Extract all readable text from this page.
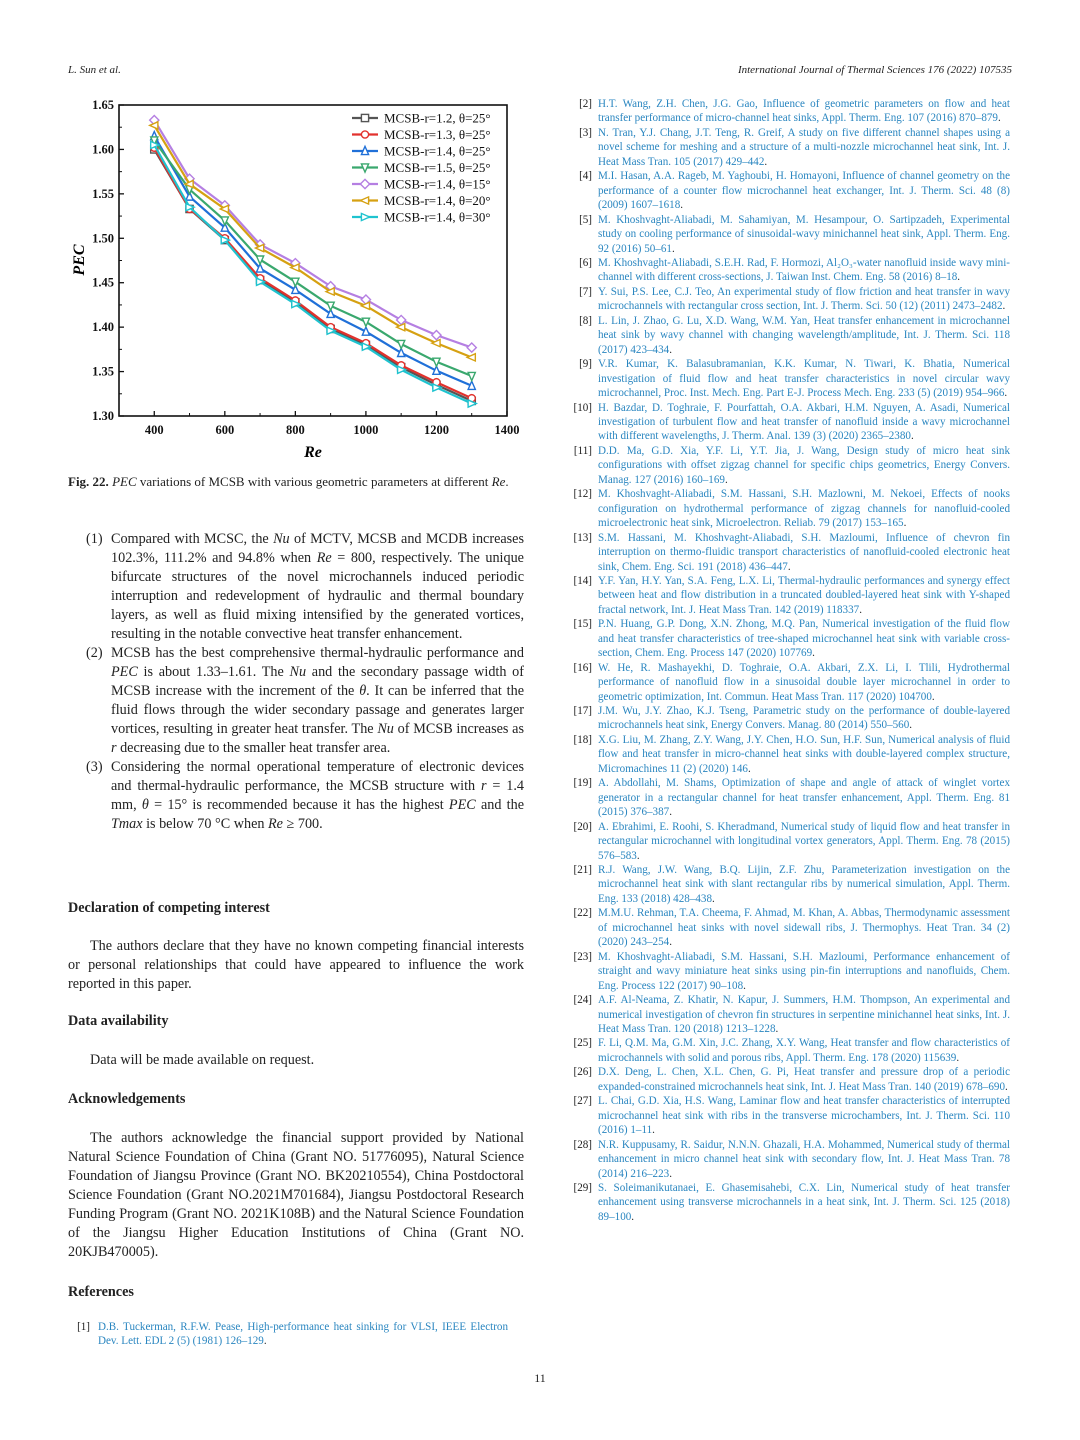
L. Sun et al.	International Journal of Thermal Sciences 176 (2022) 107535
1.30
1.35
1.40
1.45
1.50
1.55
1.60
1.65
400	600	800	1000	1200	1400
Re
PEC
MCSB-r=1.2, θ=25°
MCSB-r=1.3, θ=25°
MCSB-r=1.4, θ=25°
MCSB-r=1.5, θ=25°
MCSB-r=1.4, θ=15°
MCSB-r=1.4, θ=20°
MCSB-r=1.4, θ=30°
Fig. 22. PEC variations of MCSB with various geometric parameters at different Re.
(1) Compared with MCSC, the Nu of MCTV, MCSB and MCDB increases 102.3%, 111.2% and 94.8% when Re = 800, respectively. The unique bifurcate structures of the novel microchannels induced periodic interruption and redevelopment of hydraulic and thermal boundary layers, as well as fluid mixing intensified by the generated vortices, resulting in the notable convective heat transfer enhancement.
(2) MCSB has the best comprehensive thermal-hydraulic performance and PEC is about 1.33–1.61. The Nu and the secondary passage width of MCSB increase with the increment of the θ. It can be inferred that the fluid flows through the wider secondary passage and generates larger vortices, resulting in greater heat transfer. The Nu of MCSB increases as r decreasing due to the smaller heat transfer area.
(3) Considering the normal operational temperature of electronic devices and thermal-hydraulic performance, the MCSB structure with r = 1.4 mm, θ = 15° is recommended because it has the highest PEC and the Tmax is below 70 °C when Re ≥ 700.
Declaration of competing interest
The authors declare that they have no known competing financial interests or personal relationships that could have appeared to influence the work reported in this paper.
Data availability
Data will be made available on request.
Acknowledgements
The authors acknowledge the financial support provided by National Natural Science Foundation of China (Grant NO. 51776095), Natural Science Foundation of Jiangsu Province (Grant NO. BK20210554), China Postdoctoral Science Foundation (Grant NO.2021M701684), Jiangsu Postdoctoral Research Funding Program (Grant NO. 2021K108B) and the Natural Science Foundation of the Jiangsu Higher Education Institutions of China (Grant NO. 20KJB470005).
References
[1] D.B. Tuckerman, R.F.W. Pease, High-performance heat sinking for VLSI, IEEE Electron Dev. Lett. EDL 2 (5) (1981) 126–129.
[2] H.T. Wang, Z.H. Chen, J.G. Gao, Influence of geometric parameters on flow and heat transfer performance of micro-channel heat sinks, Appl. Therm. Eng. 107 (2016) 870–879.
[3] N. Tran, Y.J. Chang, J.T. Teng, R. Greif, A study on five different channel shapes using a novel scheme for meshing and a structure of a multi-nozzle microchannel heat sink, Int. J. Heat Mass Tran. 105 (2017) 429–442.
[4] M.I. Hasan, A.A. Rageb, M. Yaghoubi, H. Homayoni, Influence of channel geometry on the performance of a counter flow microchannel heat exchanger, Int. J. Therm. Sci. 48 (8) (2009) 1607–1618.
[5] M. Khoshvaght-Aliabadi, M. Sahamiyan, M. Hesampour, O. Sartipzadeh, Experimental study on cooling performance of sinusoidal-wavy minichannel heat sink, Appl. Therm. Eng. 92 (2016) 50–61.
[6] M. Khoshvaght-Aliabadi, S.E.H. Rad, F. Hormozi, Al₂O₃-water nanofluid inside wavy mini-channel with different cross-sections, J. Taiwan Inst. Chem. Eng. 58 (2016) 8–18.
[7] Y. Sui, P.S. Lee, C.J. Teo, An experimental study of flow friction and heat transfer in wavy microchannels with rectangular cross section, Int. J. Therm. Sci. 50 (12) (2011) 2473–2482.
[8] L. Lin, J. Zhao, G. Lu, X.D. Wang, W.M. Yan, Heat transfer enhancement in microchannel heat sink by wavy channel with changing wavelength/amplitude, Int. J. Therm. Sci. 118 (2017) 423–434.
[9] V.R. Kumar, K. Balasubramanian, K.K. Kumar, N. Tiwari, K. Bhatia, Numerical investigation of fluid flow and heat transfer characteristics in novel circular wavy microchannel, Proc. Inst. Mech. Eng. Part E-J. Process Mech. Eng. 233 (5) (2019) 954–966.
[10] H. Bazdar, D. Toghraie, F. Pourfattah, O.A. Akbari, H.M. Nguyen, A. Asadi, Numerical investigation of turbulent flow and heat transfer of nanofluid inside a wavy microchannel with different wavelengths, J. Therm. Anal. 139 (3) (2020) 2365–2380.
[11] D.D. Ma, G.D. Xia, Y.F. Li, Y.T. Jia, J. Wang, Design study of micro heat sink configurations with offset zigzag channel for specific chips geometrics, Energy Convers. Manag. 127 (2016) 160–169.
[12] M. Khoshvaght-Aliabadi, S.M. Hassani, S.H. Mazlowni, M. Nekoei, Effects of nooks configuration on hydrothermal performance of zigzag channels for nanofluid-cooled microelectronic heat sink, Microelectron. Reliab. 79 (2017) 153–165.
[13] S.M. Hassani, M. Khoshvaght-Aliabadi, S.H. Mazloumi, Influence of chevron fin interruption on thermo-fluidic transport characteristics of nanofluid-cooled electronic heat sink, Chem. Eng. Sci. 191 (2018) 436–447.
[14] Y.F. Yan, H.Y. Yan, S.A. Feng, L.X. Li, Thermal-hydraulic performances and synergy effect between heat and flow distribution in a truncated doubled-layered heat sink with Y-shaped fractal network, Int. J. Heat Mass Tran. 142 (2019) 118337.
[15] P.N. Huang, G.P. Dong, X.N. Zhong, M.Q. Pan, Numerical investigation of the fluid flow and heat transfer characteristics of tree-shaped microchannel heat sink with variable cross-section, Chem. Eng. Process 147 (2020) 107769.
[16] W. He, R. Mashayekhi, D. Toghraie, O.A. Akbari, Z.X. Li, I. Tlili, Hydrothermal performance of nanofluid flow in a sinusoidal double layer microchannel in order to geometric optimization, Int. Commun. Heat Mass Tran. 117 (2020) 104700.
[17] J.M. Wu, J.Y. Zhao, K.J. Tseng, Parametric study on the performance of double-layered microchannels heat sink, Energy Convers. Manag. 80 (2014) 550–560.
[18] X.G. Liu, M. Zhang, Z.Y. Wang, J.Y. Chen, H.O. Sun, H.F. Sun, Numerical analysis of fluid flow and heat transfer in micro-channel heat sinks with double-layered complex structure, Micromachines 11 (2) (2020) 146.
[19] A. Abdollahi, M. Shams, Optimization of shape and angle of attack of winglet vortex generator in a rectangular channel for heat transfer enhancement, Appl. Therm. Eng. 81 (2015) 376–387.
[20] A. Ebrahimi, E. Roohi, S. Kheradmand, Numerical study of liquid flow and heat transfer in rectangular microchannel with longitudinal vortex generators, Appl. Therm. Eng. 78 (2015) 576–583.
[21] R.J. Wang, J.W. Wang, B.Q. Lijin, Z.F. Zhu, Parameterization investigation on the microchannel heat sink with slant rectangular ribs by numerical simulation, Appl. Therm. Eng. 133 (2018) 428–438.
[22] M.M.U. Rehman, T.A. Cheema, F. Ahmad, M. Khan, A. Abbas, Thermodynamic assessment of microchannel heat sinks with novel sidewall ribs, J. Thermophys. Heat Tran. 34 (2) (2020) 243–254.
[23] M. Khoshvaght-Aliabadi, S.M. Hassani, S.H. Mazloumi, Performance enhancement of straight and wavy miniature heat sinks using pin-fin interruptions and nanofluids, Chem. Eng. Process 122 (2017) 90–108.
[24] A.F. Al-Neama, Z. Khatir, N. Kapur, J. Summers, H.M. Thompson, An experimental and numerical investigation of chevron fin structures in serpentine minichannel heat sinks, Int. J. Heat Mass Tran. 120 (2018) 1213–1228.
[25] F. Li, Q.M. Ma, G.M. Xin, J.C. Zhang, X.Y. Wang, Heat transfer and flow characteristics of microchannels with solid and porous ribs, Appl. Therm. Eng. 178 (2020) 115639.
[26] D.X. Deng, L. Chen, X.L. Chen, G. Pi, Heat transfer and pressure drop of a periodic expanded-constrained microchannels heat sink, Int. J. Heat Mass Tran. 140 (2019) 678–690.
[27] L. Chai, G.D. Xia, H.S. Wang, Laminar flow and heat transfer characteristics of interrupted microchannel heat sink with ribs in the transverse microchambers, Int. J. Therm. Sci. 110 (2016) 1–11.
[28] N.R. Kuppusamy, R. Saidur, N.N.N. Ghazali, H.A. Mohammed, Numerical study of thermal enhancement in micro channel heat sink with secondary flow, Int. J. Heat Mass Tran. 78 (2014) 216–223.
[29] S. Soleimanikutanaei, E. Ghasemisahebi, C.X. Lin, Numerical study of heat transfer enhancement using transverse microchannels in a heat sink, Int. J. Therm. Sci. 125 (2018) 89–100.
11
